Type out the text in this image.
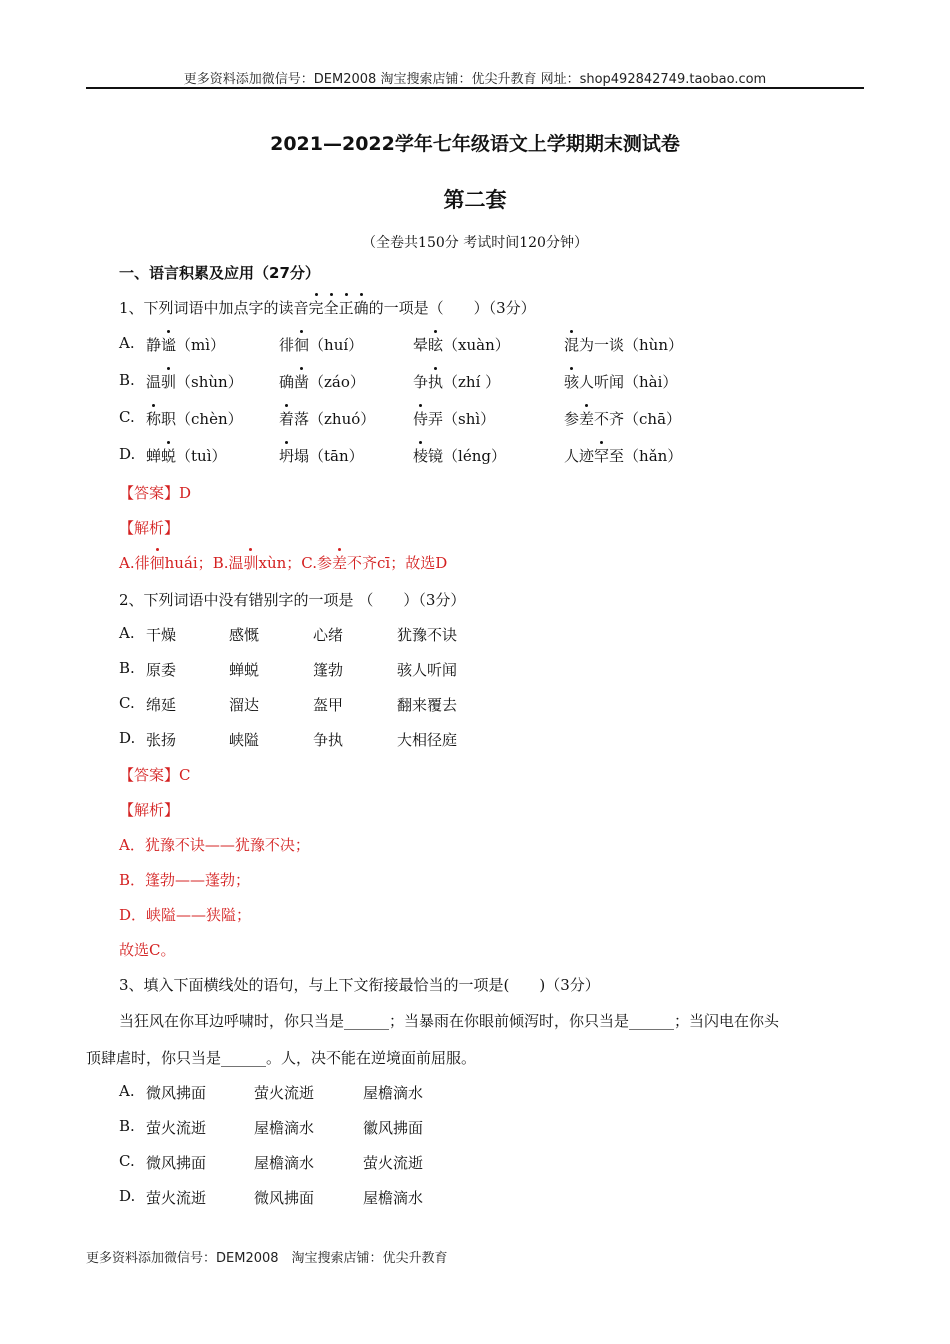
更多资料添加微信号：DEM2008 淘宝搜索店铺：优尖升教育 网址：shop492842749.taobao.com
2021—2022学年七年级语文上学期期末测试卷
第二套
（全卷共150分 考试时间120分钟）
一、语言积累及应用（27分）
1、下列词语中加点字的读音完全正确的一项是（　　）（3分）
A. 静谧（mì）	徘徊（huí）	晕眩（xuàn）	混为一谈（hùn）
B. 温驯（shùn） 确凿（záo）	争执（zhí ）	骇人听闻（hài）
C. 称职（chèn） 着落（zhuó）	侍弄（shì）	参差不齐（chā）
D. 蝉蜕（tuì）	坍塌（tān）	棱镜（léng）	人迹罕至（hǎn）
【答案】D
【解析】
A.徘徊huái；B.温驯xùn；C.参差不齐cī；故选D
2、下列词语中没有错别字的一项是 （　　）（3分）
A. 干燥	感慨	心绪	犹豫不诀
B. 原委	蝉蜕	篷勃	骇人听闻
C. 绵延	溜达	盔甲	翻来覆去
D. 张扬	峡隘	争执	大相径庭
【答案】C
【解析】
A．犹豫不诀——犹豫不决；
B．篷勃——蓬勃；
D．峡隘——狭隘；
故选C。
3、填入下面横线处的语句，与上下文衔接最恰当的一项是(　　)（3分）
当狂风在你耳边呼啸时，你只当是______；当暴雨在你眼前倾泻时，你只当是______；当闪电在你头
顶肆虐时，你只当是______。人，决不能在逆境面前屈服。
A. 微风拂面	萤火流逝	屋檐滴水
B. 萤火流逝	屋檐滴水	徽风拂面
C. 微风拂面	屋檐滴水	萤火流逝
D. 萤火流逝	微风拂面	屋檐滴水
更多资料添加微信号：DEM2008　淘宝搜索店铺：优尖升教育
